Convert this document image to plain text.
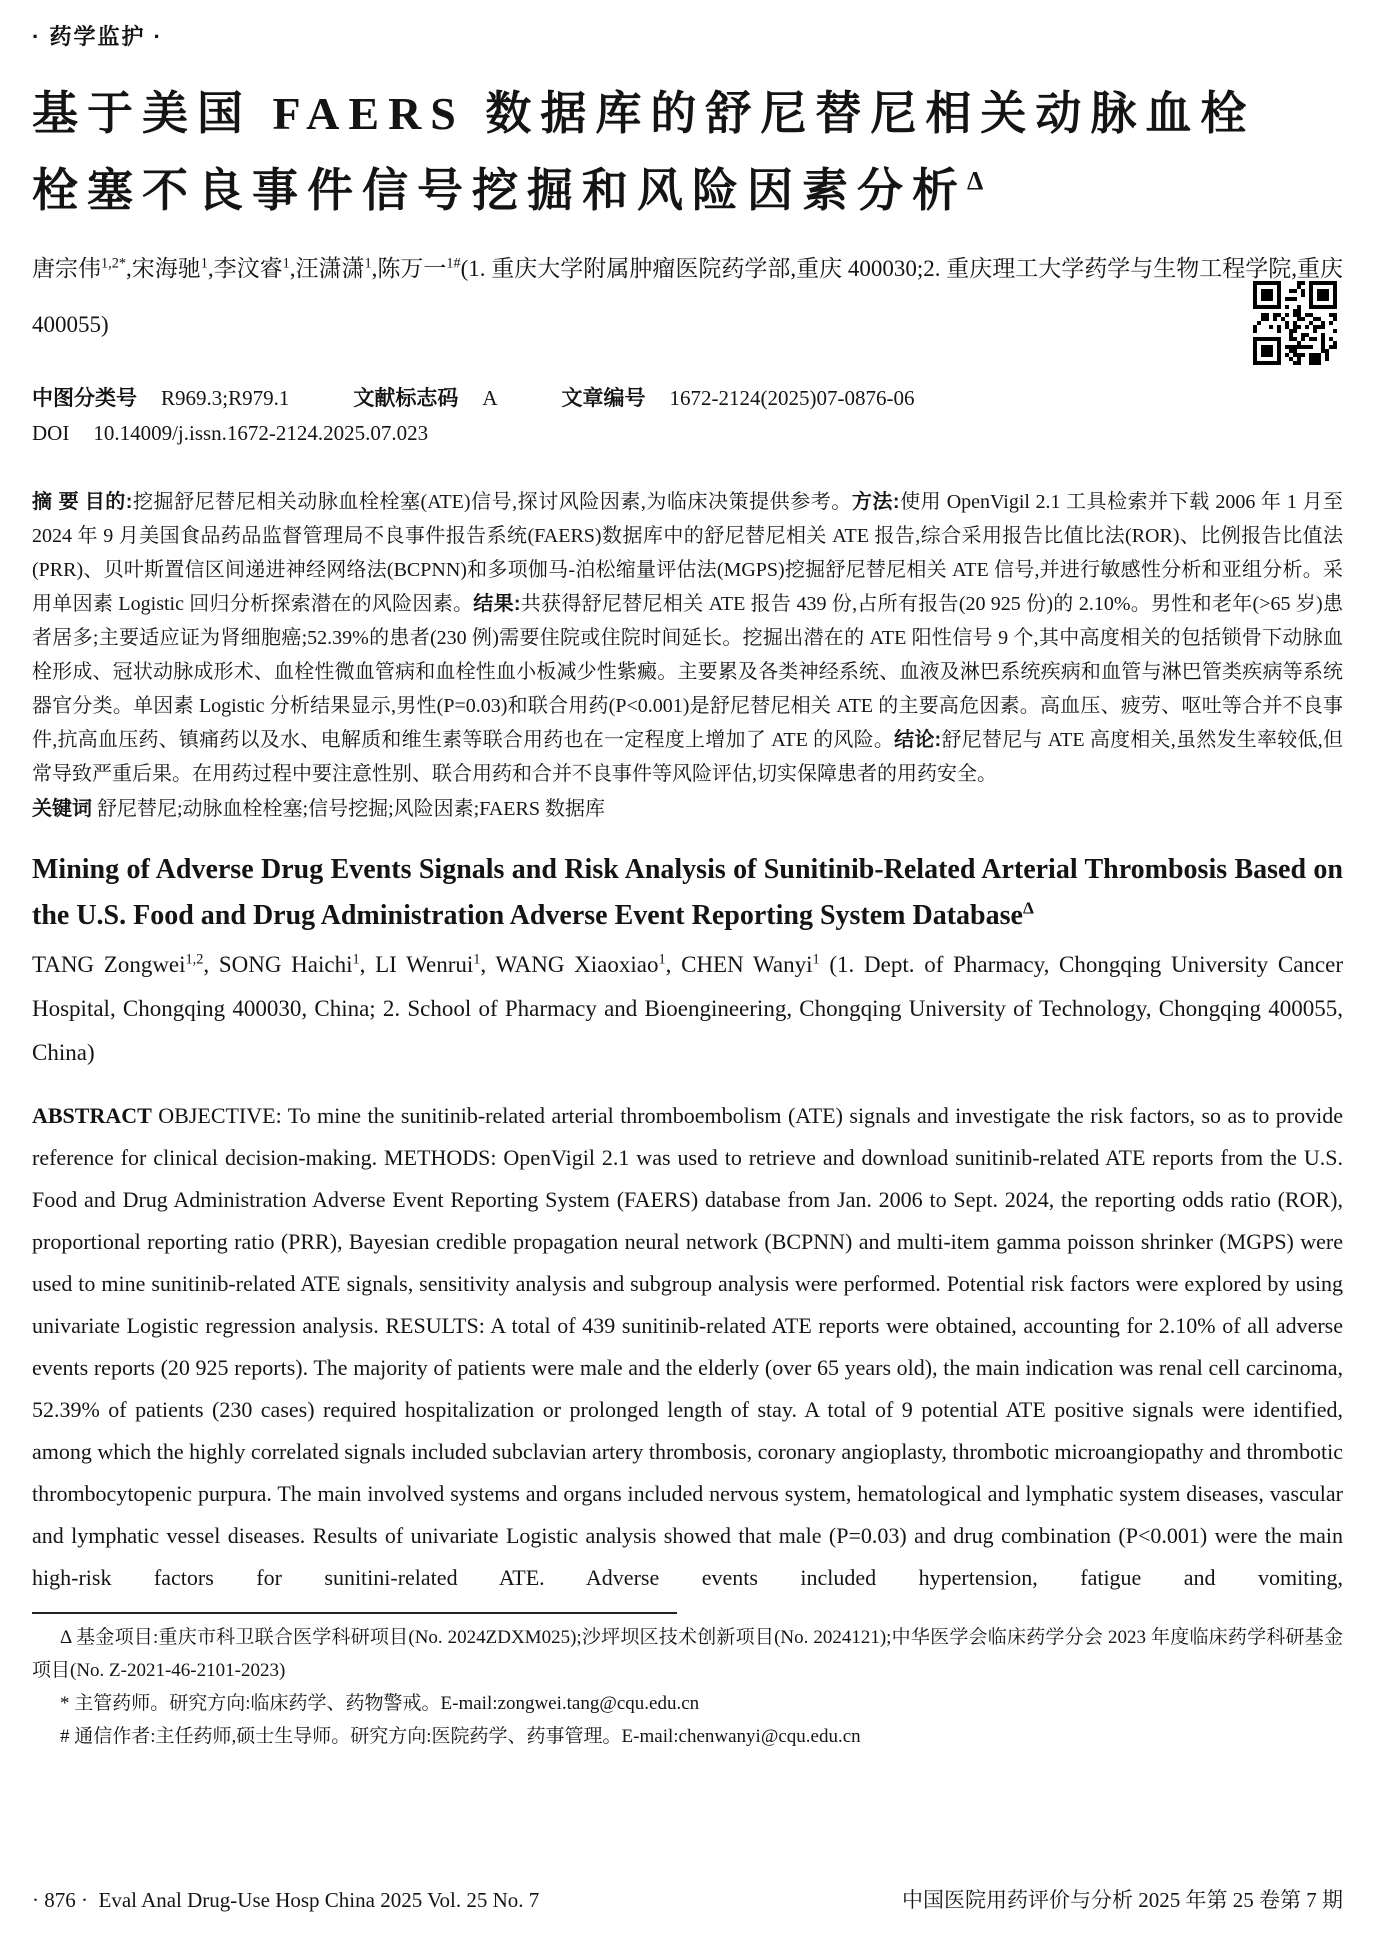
· 药学监护 ·
基于美国 FAERS 数据库的舒尼替尼相关动脉血栓
栓塞不良事件信号挖掘和风险因素分析$^\Delta$

唐宗伟$^{1,2*}$,宋海驰$^1$,李汶睿$^1$,汪潇潇$^1$,陈万一$^{1\#}$(1. 重庆大学附属肿瘤医院药学部,重庆 400030;2. 重庆理工大学药学与生物工程学院,重庆 400055)

中图分类号 R969.3;R979.1	文献标志码 A	文章编号 1672-2124(2025)07-0876-06

DOI 10.14009/j.issn.1672-2124.2025.07.023

摘 要 目的:挖掘舒尼替尼相关动脉血栓栓塞(ATE)信号,探讨风险因素,为临床决策提供参考。方法:使用 OpenVigil 2.1 工具检索并下载 2006 年 1 月至 2024 年 9 月美国食品药品监督管理局不良事件报告系统(FAERS)数据库中的舒尼替尼相关 ATE 报告,综合采用报告比值比法(ROR)、比例报告比值法(PRR)、贝叶斯置信区间递进神经网络法(BCPNN)和多项伽马-泊松缩量评估法(MGPS)挖掘舒尼替尼相关 ATE 信号,并进行敏感性分析和亚组分析。采用单因素 Logistic 回归分析探索潜在的风险因素。结果:共获得舒尼替尼相关 ATE 报告 439 份,占所有报告(20 925 份)的 2.10%。男性和老年(>65 岁)患者居多;主要适应证为肾细胞癌;52.39%的患者(230 例)需要住院或住院时间延长。挖掘出潜在的 ATE 阳性信号 9 个,其中高度相关的包括锁骨下动脉血栓形成、冠状动脉成形术、血栓性微血管病和血栓性血小板减少性紫癜。主要累及各类神经系统、血液及淋巴系统疾病和血管与淋巴管类疾病等系统器官分类。单因素 Logistic 分析结果显示,男性(P=0.03)和联合用药(P<0.001)是舒尼替尼相关 ATE 的主要高危因素。高血压、疲劳、呕吐等合并不良事件,抗高血压药、镇痛药以及水、电解质和维生素等联合用药也在一定程度上增加了 ATE 的风险。结论:舒尼替尼与 ATE 高度相关,虽然发生率较低,但常导致严重后果。在用药过程中要注意性别、联合用药和合并不良事件等风险评估,切实保障患者的用药安全。

关键词 舒尼替尼;动脉血栓栓塞;信号挖掘;风险因素;FAERS 数据库

Mining of Adverse Drug Events Signals and Risk Analysis of Sunitinib-Related Arterial Thrombosis Based on the U.S. Food and Drug Administration Adverse Event Reporting System Database$^\Delta$

TANG Zongwei$^{1,2}$, SONG Haichi$^1$, LI Wenrui$^1$, WANG Xiaoxiao$^1$, CHEN Wanyi$^1$ (1. Dept. of Pharmacy, Chongqing University Cancer Hospital, Chongqing 400030, China; 2. School of Pharmacy and Bioengineering, Chongqing University of Technology, Chongqing 400055, China)

ABSTRACT OBJECTIVE: To mine the sunitinib-related arterial thromboembolism (ATE) signals and investigate the risk factors, so as to provide reference for clinical decision-making. METHODS: OpenVigil 2.1 was used to retrieve and download sunitinib-related ATE reports from the U.S. Food and Drug Administration Adverse Event Reporting System (FAERS) database from Jan. 2006 to Sept. 2024, the reporting odds ratio (ROR), proportional reporting ratio (PRR), Bayesian credible propagation neural network (BCPNN) and multi-item gamma poisson shrinker (MGPS) were used to mine sunitinib-related ATE signals, sensitivity analysis and subgroup analysis were performed. Potential risk factors were explored by using univariate Logistic regression analysis. RESULTS: A total of 439 sunitinib-related ATE reports were obtained, accounting for 2.10% of all adverse events reports (20 925 reports). The majority of patients were male and the elderly (over 65 years old), the main indication was renal cell carcinoma, 52.39% of patients (230 cases) required hospitalization or prolonged length of stay. A total of 9 potential ATE positive signals were identified, among which the highly correlated signals included subclavian artery thrombosis, coronary angioplasty, thrombotic microangiopathy and thrombotic thrombocytopenic purpura. The main involved systems and organs included nervous system, hematological and lymphatic system diseases, vascular and lymphatic vessel diseases. Results of univariate Logistic analysis showed that male (P=0.03) and drug combination (P<0.001) were the main high-risk factors for sunitini-related ATE. Adverse events included hypertension, fatigue and vomiting,

Δ 基金项目:重庆市科卫联合医学科研项目(No. 2024ZDXM025);沙坪坝区技术创新项目(No. 2024121);中华医学会临床药学分会 2023 年度临床药学科研基金项目(No. Z-2021-46-2101-2023)

* 主管药师。研究方向:临床药学、药物警戒。E-mail:zongwei.tang@cqu.edu.cn

# 通信作者:主任药师,硕士生导师。研究方向:医院药学、药事管理。E-mail:chenwanyi@cqu.edu.cn

· 876 · Eval Anal Drug-Use Hosp China 2025 Vol. 25 No. 7	中国医院用药评价与分析 2025 年第 25 卷第 7 期
